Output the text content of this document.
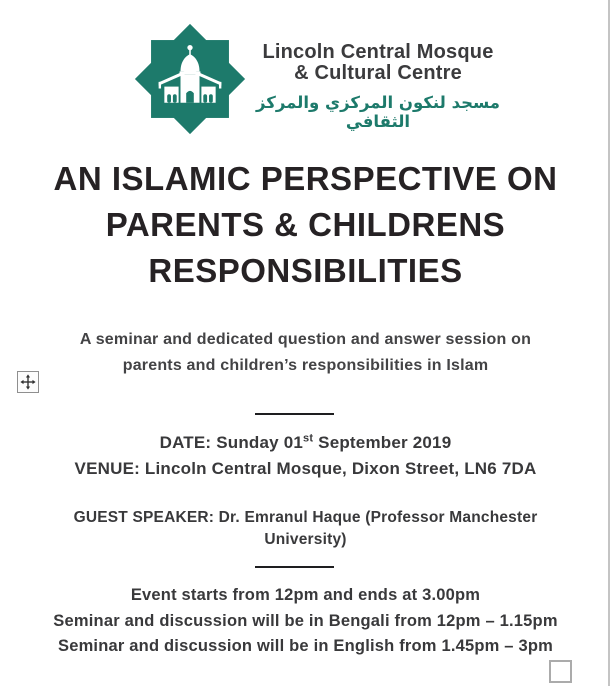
Lincoln Central Mosque
& Cultural Centre
مسجد لنكون المركزي والمركز الثقافي
AN ISLAMIC PERSPECTIVE ON
PARENTS & CHILDRENS
RESPONSIBILITIES
A seminar and dedicated question and answer session on
parents and children’s responsibilities in Islam
DATE: Sunday 01st September 2019
VENUE: Lincoln Central Mosque, Dixon Street, LN6 7DA
GUEST SPEAKER: Dr. Emranul Haque (Professor Manchester
University)
Event starts from 12pm and ends at 3.00pm
Seminar and discussion will be in Bengali from 12pm – 1.15pm
Seminar and discussion will be in English from 1.45pm – 3pm
